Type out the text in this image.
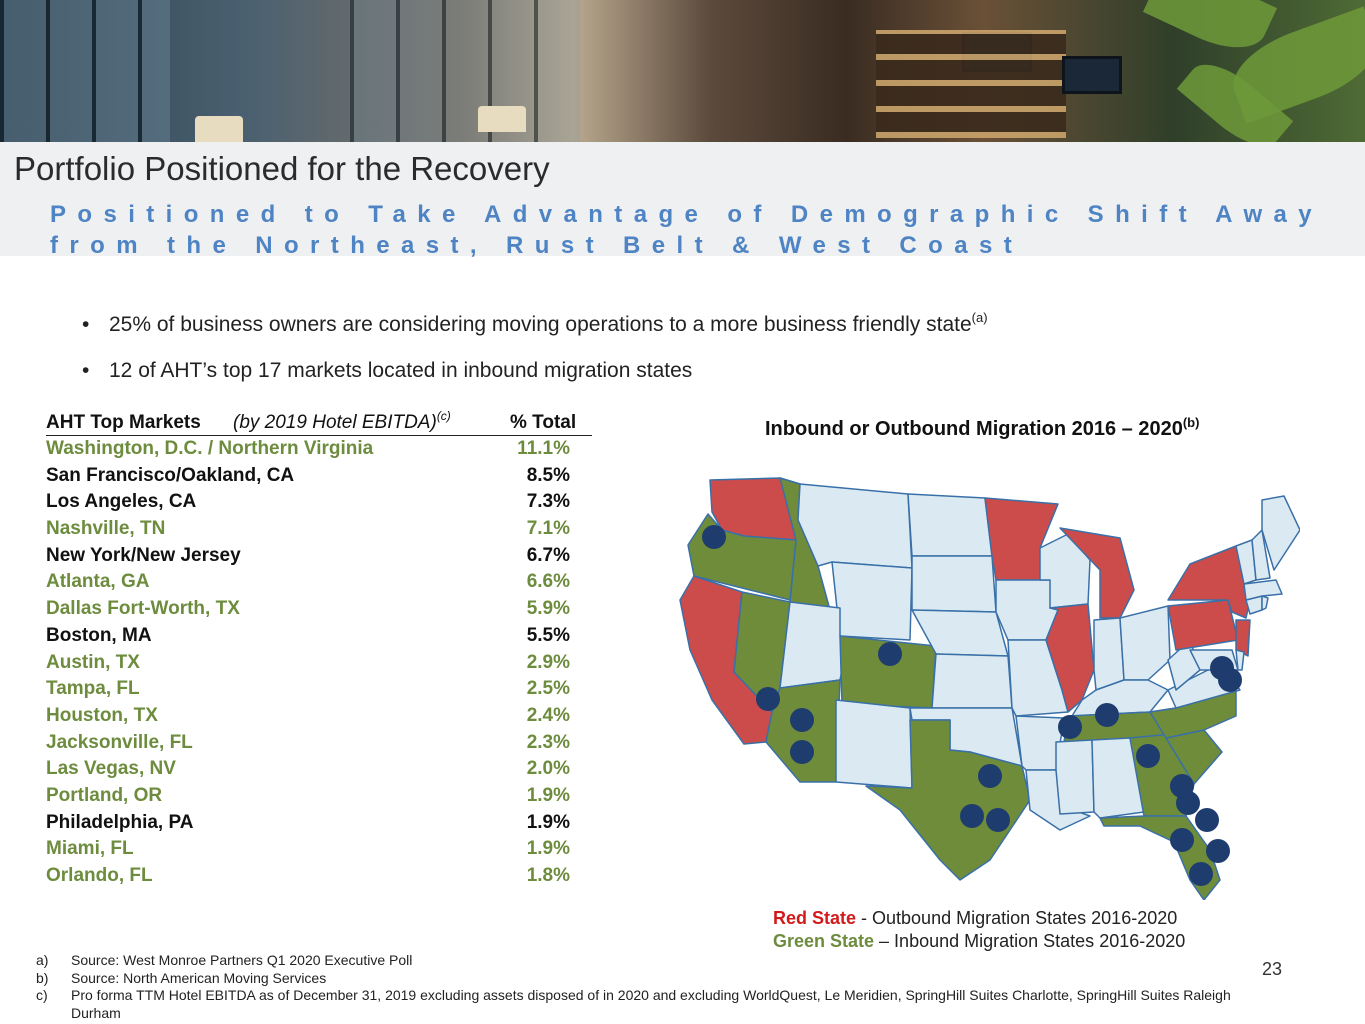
Portfolio Positioned for the Recovery
Positioned to Take Advantage of Demographic Shift Away from the Northeast, Rust Belt & West Coast
• 25% of business owners are considering moving operations to a more business friendly state$^{(a)}$
• 12 of AHT’s top 17 markets located in inbound migration states
AHT Top Markets (by 2019 Hotel EBITDA)$^{(c)}$	% Total
Washington, D.C. / Northern Virginia	11.1%
San Francisco/Oakland, CA	8.5%
Los Angeles, CA	7.3%
Nashville, TN	7.1%
New York/New Jersey	6.7%
Atlanta, GA	6.6%
Dallas Fort-Worth, TX	5.9%
Boston, MA	5.5%
Austin, TX	2.9%
Tampa, FL	2.5%
Houston, TX	2.4%
Jacksonville, FL	2.3%
Las Vegas, NV	2.0%
Portland, OR	1.9%
Philadelphia, PA	1.9%
Miami, FL	1.9%
Orlando, FL	1.8%
Inbound or Outbound Migration 2016 – 2020$^{(b)}$
Red State - Outbound Migration States 2016-2020
Green State – Inbound Migration States 2016-2020
23
a) Source: West Monroe Partners Q1 2020 Executive Poll
b) Source: North American Moving Services
c) Pro forma TTM Hotel EBITDA as of December 31, 2019 excluding assets disposed of in 2020 and excluding WorldQuest, Le Meridien, SpringHill Suites Charlotte, SpringHill Suites Raleigh Durham
